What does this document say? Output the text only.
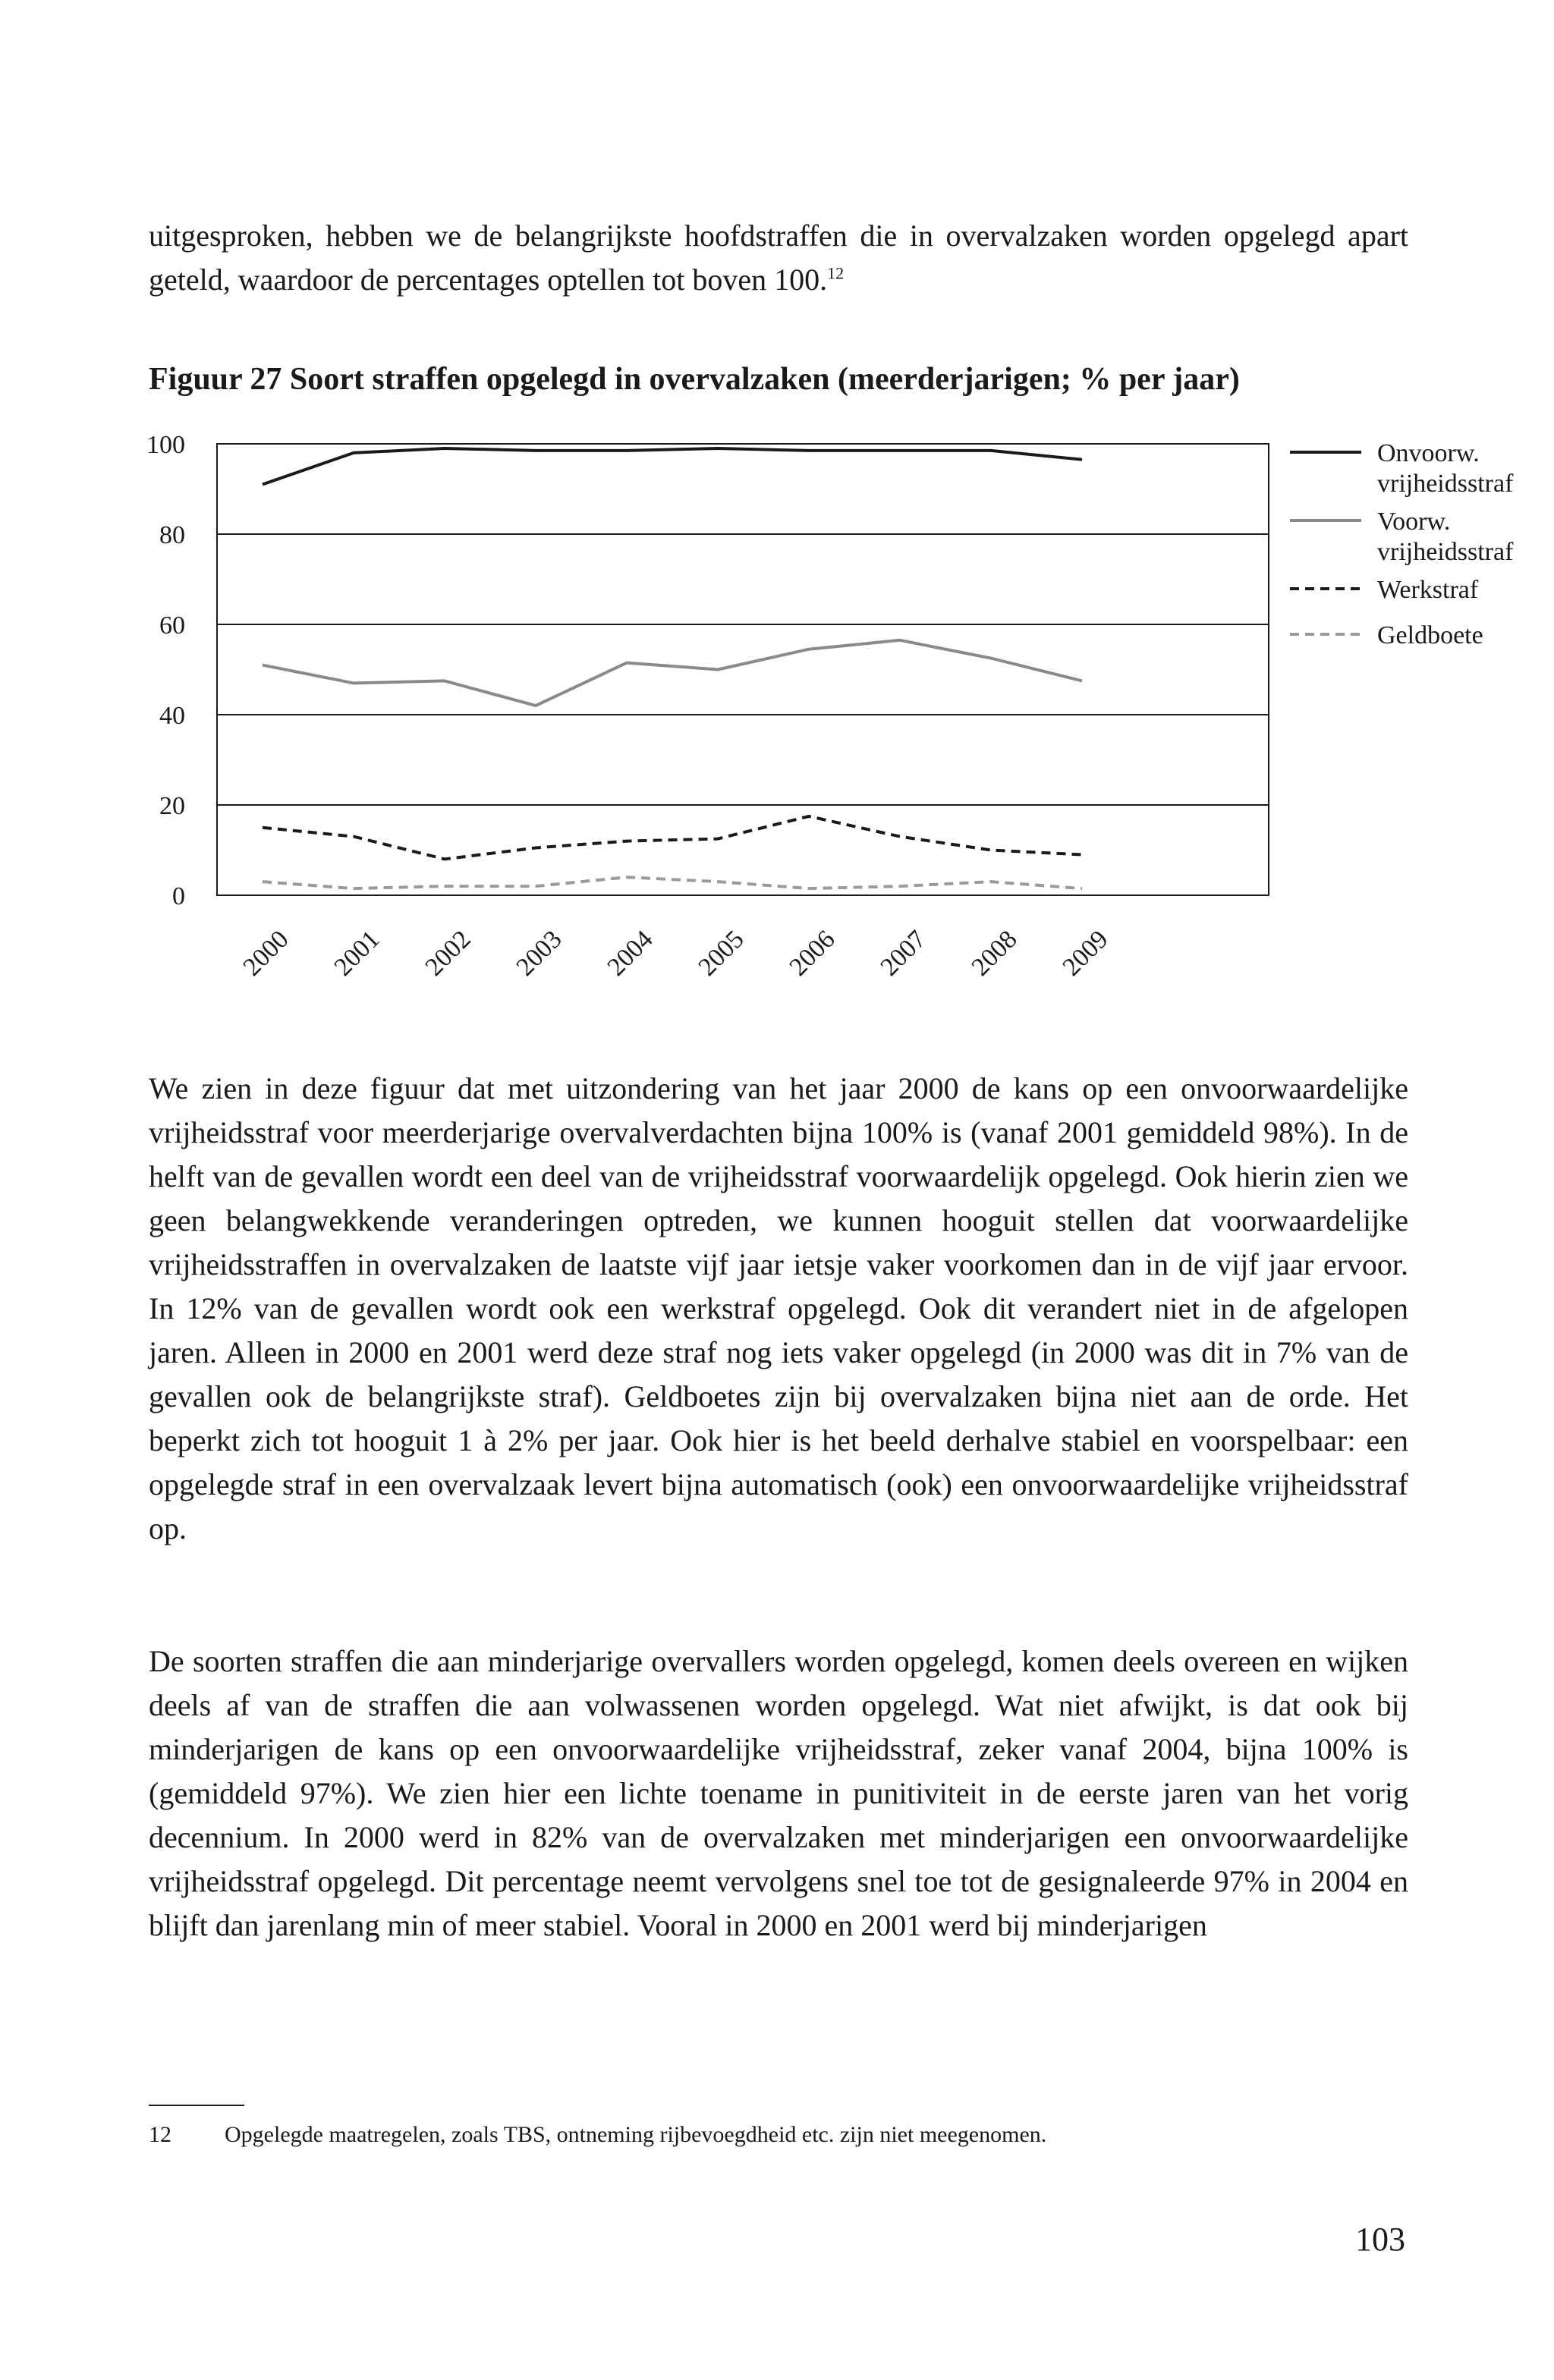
uitgesproken, hebben we de belangrijkste hoofdstraffen die in overvalzaken worden opgelegd apart geteld, waardoor de percentages optellen tot boven 100.12

Figuur 27 Soort straffen opgelegd in overvalzaken (meerderjarigen; % per jaar)

0
20
40
60
80
100
2000 2001 2002 2003 2004 2005 2006 2007 2008 2009
Onvoorw.
vrijheidsstraf
Voorw.
vrijheidsstraf
Werkstraf
Geldboete

We zien in deze figuur dat met uitzondering van het jaar 2000 de kans op een onvoorwaardelijke vrijheidsstraf voor meerderjarige overvalverdachten bijna 100% is (vanaf 2001 gemiddeld 98%). In de helft van de gevallen wordt een deel van de vrijheidsstraf voorwaardelijk opgelegd. Ook hierin zien we geen belangwekkende veranderingen optreden, we kunnen hooguit stellen dat voorwaardelijke vrijheidsstraffen in overvalzaken de laatste vijf jaar ietsje vaker voorkomen dan in de vijf jaar ervoor. In 12% van de gevallen wordt ook een werkstraf opgelegd. Ook dit verandert niet in de afgelopen jaren. Alleen in 2000 en 2001 werd deze straf nog iets vaker opgelegd (in 2000 was dit in 7% van de gevallen ook de belangrijkste straf). Geldboetes zijn bij overvalzaken bijna niet aan de orde. Het beperkt zich tot hooguit 1 à 2% per jaar. Ook hier is het beeld derhalve stabiel en voorspelbaar: een opgelegde straf in een overvalzaak levert bijna automatisch (ook) een onvoorwaardelijke vrijheidsstraf op.

De soorten straffen die aan minderjarige overvallers worden opgelegd, komen deels overeen en wijken deels af van de straffen die aan volwassenen worden opgelegd. Wat niet afwijkt, is dat ook bij minderjarigen de kans op een onvoorwaardelijke vrijheidsstraf, zeker vanaf 2004, bijna 100% is (gemiddeld 97%). We zien hier een lichte toename in punitiviteit in de eerste jaren van het vorig decennium. In 2000 werd in 82% van de overvalzaken met minderjarigen een onvoorwaardelijke vrijheidsstraf opgelegd. Dit percentage neemt vervolgens snel toe tot de gesignaleerde 97% in 2004 en blijft dan jarenlang min of meer stabiel. Vooral in 2000 en 2001 werd bij minderjarigen

12 Opgelegde maatregelen, zoals TBS, ontneming rijbevoegdheid etc. zijn niet meegenomen.

103
